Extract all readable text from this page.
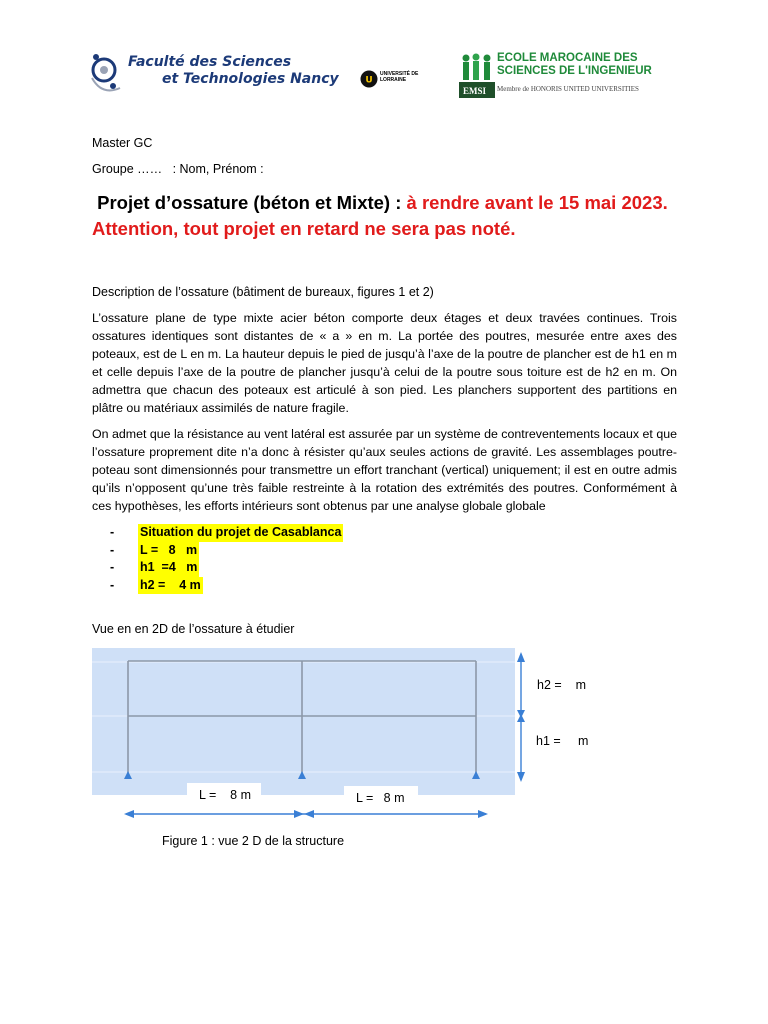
Faculté des Sciences
et Technologies Nancy	U
UNIVERSITÉ DE LORRAINE
EMSI
ECOLE MAROCAINE DES
SCIENCES DE L'INGENIEUR
Membre de HONORIS UNITED UNIVERSITIES
Master GC
Groupe ……   : Nom, Prénom :
Projet d’ossature (béton et Mixte) : à rendre avant le 15 mai 2023. Attention, tout projet en retard ne sera pas noté.
Description de l’ossature (bâtiment de bureaux, figures 1 et 2)
L’ossature plane de type mixte acier béton comporte deux étages et deux travées continues. Trois ossatures identiques sont distantes de « a » en m. La portée des poutres, mesurée entre axes des poteaux, est de L en m. La hauteur depuis le pied de jusqu’à l’axe de la poutre de plancher est de h1 en m et celle depuis l’axe de la poutre de plancher jusqu’à celui de la poutre sous toiture est de h2 en m. On admettra que chacun des poteaux est articulé à son pied. Les planchers supportent des partitions en plâtre ou matériaux assimilés de nature fragile.
On admet que la résistance au vent latéral est assurée par un système de contreventements locaux et que l’ossature proprement dite n’a donc à résister qu’aux seules actions de gravité. Les assemblages poutre-poteau sont dimensionnés pour transmettre un effort tranchant (vertical) uniquement; il est en outre admis qu’ils n’opposent qu’une très faible restreinte à la rotation des extrémités des poutres. Conformément à ces hypothèses, les efforts intérieurs sont obtenus par une analyse globale globale
-	Situation du projet de Casablanca
-	L =   8   m
-	h1  =4   m
-	h2 =    4 m
Vue en en 2D de l’ossature à étudier
h2 =    m
h1 =     m
L =    8 m	L =   8 m
Figure 1 : vue 2 D de la structure
